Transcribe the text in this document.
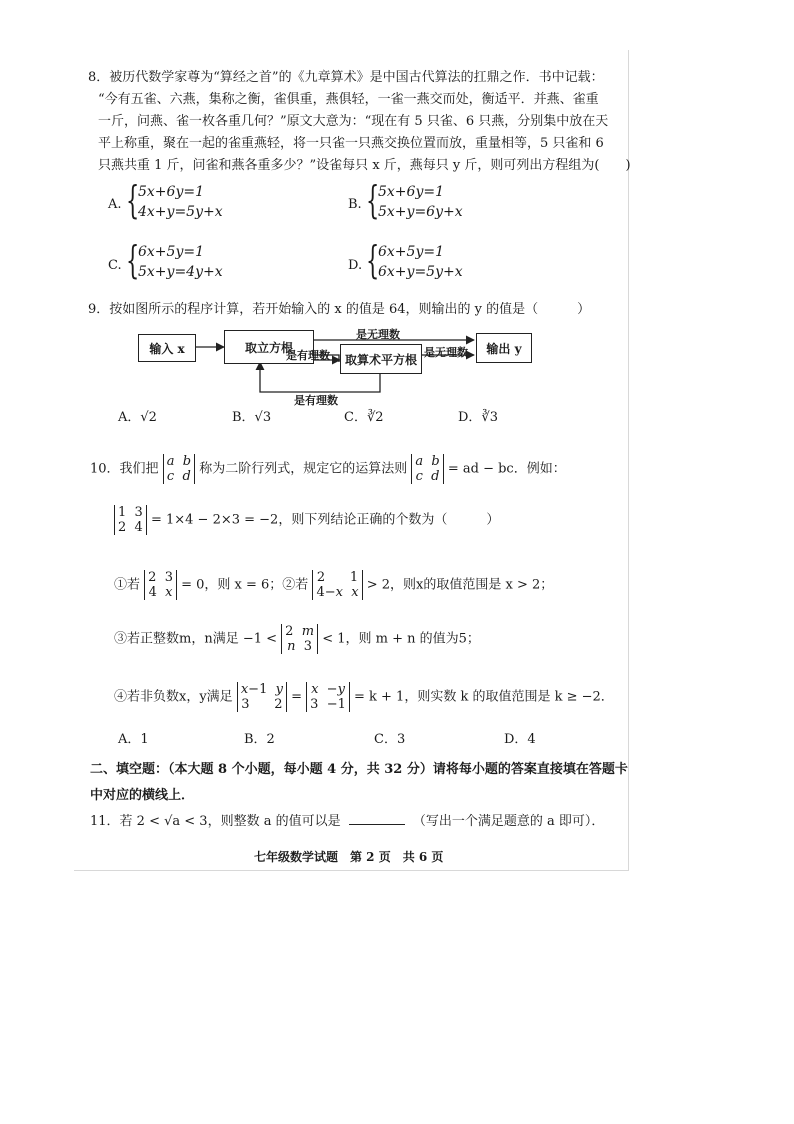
8．被历代数学家尊为“算经之首”的《九章算术》是中国古代算法的扛鼎之作．书中记载：
“今有五雀、六燕，集称之衡，雀俱重，燕俱轻，一雀一燕交而处，衡适平．并燕、雀重
一斤，问燕、雀一枚各重几何？”原文大意为：“现在有 5 只雀、6 只燕，分别集中放在天
平上称重，聚在一起的雀重燕轻，将一只雀一只燕交换位置而放，重量相等，5 只雀和 6
只燕共重 1 斤，问雀和燕各重多少？”设雀每只 x 斤，燕每只 y 斤，则可列出方程组为(　　)
A. {
5x+6y=1
4x+y=5y+x	B. {
5x+6y=1
5x+y=6y+x
C. {
6x+5y=1
5x+y=4y+x	D. {
6x+5y=1
6x+y=5y+x
9．按如图所示的程序计算，若开始输入的 x 的值是 64，则输出的 y 的值是（　　　）
输入 x	取立方根
取算术平方根
输出 y
是无理数
是有理数	是无理数
是有理数
A．√2	B．√3	C．∛2	D．∛3
10．我们把 a b
c d 称为二阶行列式，规定它的运算法则 a b
c d = ad − bc．例如：
1  3
2  4 = 1×4 − 2×3 = −2，则下列结论正确的个数为（　　　）
①若 2  3
4  x = 0，则 x = 6；②若 2      1
4−x x > 2，则x的取值范围是 x > 2；
③若正整数m，n满足 −1 < 2  m
n  3 < 1，则 m + n 的值为5；
④若非负数x，y满足 x−1  y
3      2 = x  −y
3  −1 = k + 1，则实数 k 的取值范围是 k ≥ −2．
A．1	B．2	C．3	D．4
二、填空题：（本大题 8 个小题，每小题 4 分，共 32 分）请将每小题的答案直接填在答题卡
中对应的横线上．
11．若 2 < √a < 3，则整数 a 的值可以是	（写出一个满足题意的 a 即可）．
七年级数学试题　第 2 页　共 6 页
